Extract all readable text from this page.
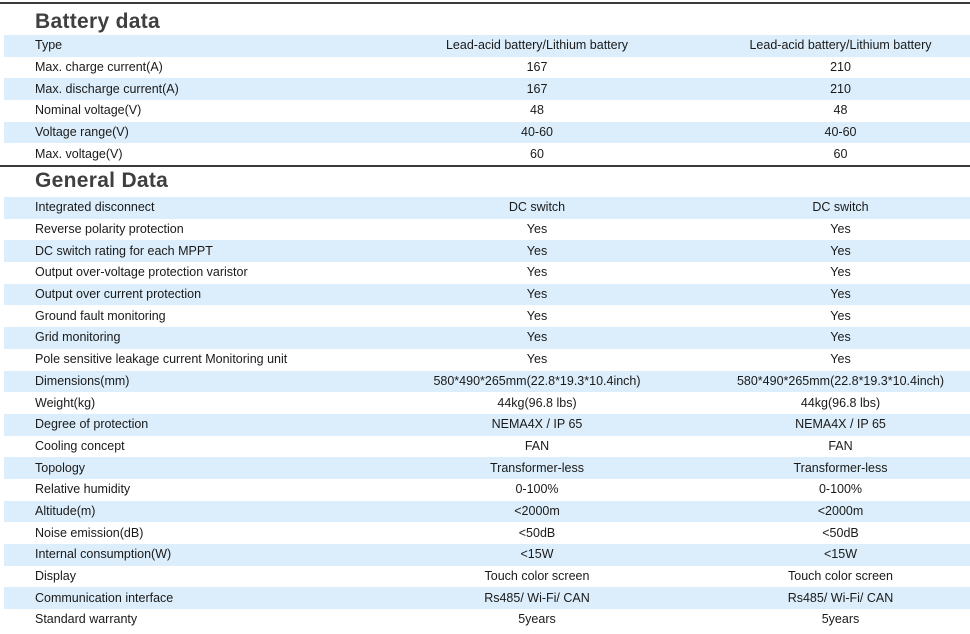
Battery data
Type	Lead-acid battery/Lithium battery	Lead-acid battery/Lithium battery
Max. charge current(A)	167	210
Max. discharge current(A)	167	210
Nominal voltage(V)	48	48
Voltage range(V)	40-60	40-60
Max. voltage(V)	60	60
General Data
Integrated disconnect	DC switch	DC switch
Reverse polarity protection	Yes	Yes
DC switch rating for each MPPT	Yes	Yes
Output over-voltage protection varistor	Yes	Yes
Output over current protection	Yes	Yes
Ground fault monitoring	Yes	Yes
Grid monitoring	Yes	Yes
Pole sensitive leakage current Monitoring unit	Yes	Yes
Dimensions(mm)	580*490*265mm(22.8*19.3*10.4inch)	580*490*265mm(22.8*19.3*10.4inch)
Weight(kg)	44kg(96.8 lbs)	44kg(96.8 lbs)
Degree of protection	NEMA4X / IP 65	NEMA4X / IP 65
Cooling concept	FAN	FAN
Topology	Transformer-less	Transformer-less
Relative humidity	0-100%	0-100%
Altitude(m)	<2000m	<2000m
Noise emission(dB)	<50dB	<50dB
Internal consumption(W)	<15W	<15W
Display	Touch color screen	Touch color screen
Communication interface	Rs485/ Wi-Fi/ CAN	Rs485/ Wi-Fi/ CAN
Standard warranty	5years	5years
